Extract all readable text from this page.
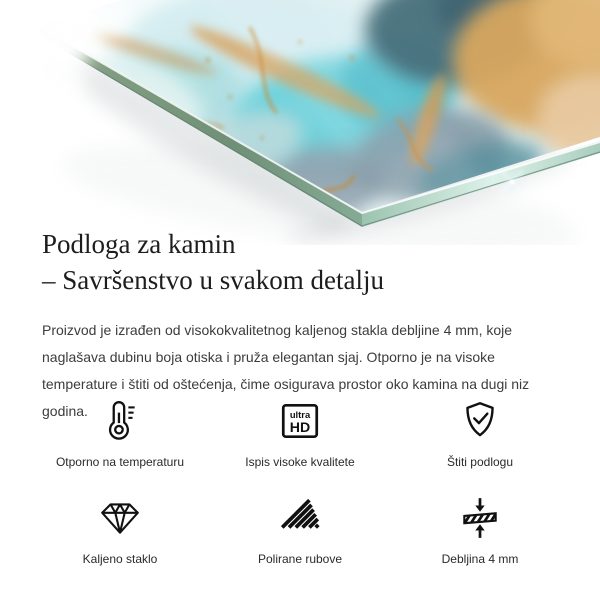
Podloga za kamin
– Savršenstvo u svakom detalju

Proizvod je izrađen od visokokvalitetnog kaljenog stakla debljine 4 mm, koje naglašava dubinu boja otiska i pruža elegantan sjaj. Otporno je na visoke temperature i štiti od oštećenja, čime osigurava prostor oko kamina na dugi niz godina.

Otporno na temperaturu
ultra
HD
Ispis visoke kvalitete	Štiti podlogu
Kaljeno staklo	Polirane rubove	Debljina 4 mm
